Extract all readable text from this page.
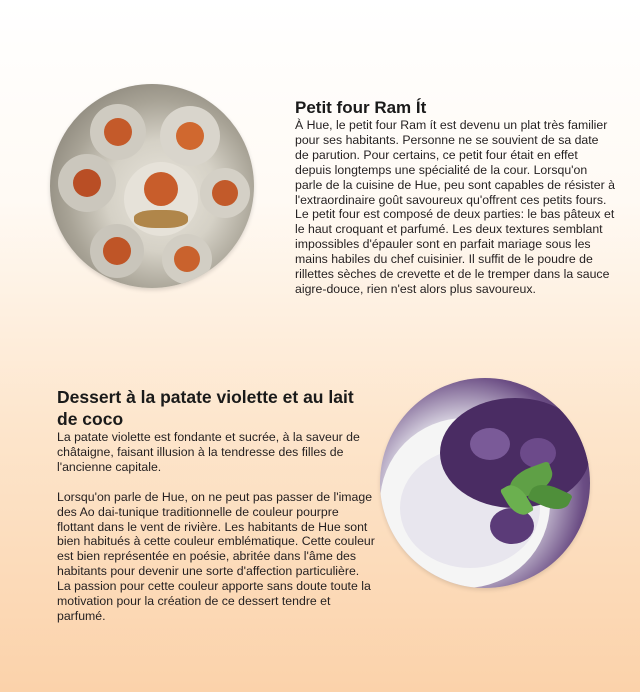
Petit four Ram Ít

À Hue, le petit four Ram ít est devenu un plat très familier pour ses habitants. Personne ne se souvient de sa date de parution. Pour certains, ce petit four était en effet depuis longtemps une spécialité de la cour. Lorsqu'on parle de la cuisine de Hue, peu sont capables de résister à l'extraordinaire goût savoureux qu'offrent ces petits fours. Le petit four est composé de deux parties: le bas pâteux et le haut croquant et parfumé. Les deux textures semblant impossibles d'épauler sont en parfait mariage sous les mains habiles du chef cuisinier. Il suffit de le poudre de rillettes sèches de crevette et de le tremper dans la sauce aigre-douce, rien n'est alors plus savoureux.

Dessert à la patate violette et au lait de coco

La patate violette est fondante et sucrée, à la saveur de châtaigne, faisant illusion à la tendresse des filles de l'ancienne capitale.

Lorsqu'on parle de Hue, on ne peut pas passer de l'image des Ao dai-tunique traditionnelle de couleur pourpre flottant dans le vent de rivière. Les habitants de Hue sont bien habitués à cette couleur emblématique. Cette couleur est bien représentée en poésie, abritée dans l'âme des habitants pour devenir une sorte d'affection particulière. La passion pour cette couleur apporte sans doute toute la motivation pour la création de ce dessert tendre et parfumé.
